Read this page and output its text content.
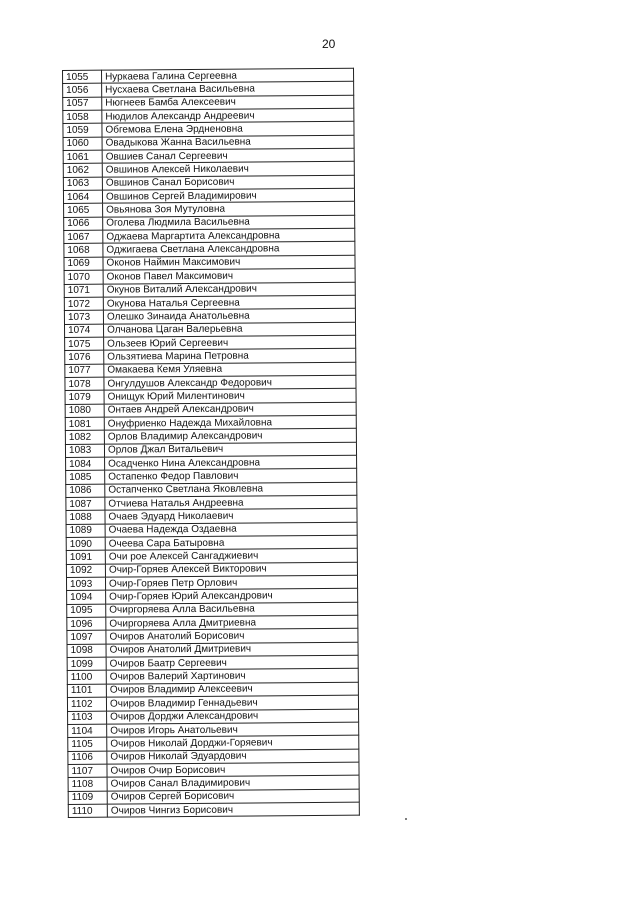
20
1055	Нуркаева Галина Сергеевна
1056	Нусхаева Светлана Васильевна
1057	Нюгнеев Бамба Алексеевич
1058	Нюдилов Александр Андреевич
1059	Обгемова Елена Эрдненовна
1060	Овадыкова Жанна Васильевна
1061	Овшиев Санал Сергеевич
1062	Овшинов Алексей Николаевич
1063	Овшинов Санал Борисович
1064	Овшинов Сергей Владимирович
1065	Овьянова Зоя Мутуловна
1066	Оголева Людмила Васильевна
1067	Оджаева Маргартита Александровна
1068	Оджигаева Светлана Александровна
1069	Оконов Наймин Максимович
1070	Оконов Павел Максимович
1071	Окунов Виталий Александрович
1072	Окунова Наталья Сергеевна
1073	Олешко Зинаида Анатольевна
1074	Олчанова Цаган Валерьевна
1075	Ользеев Юрий Сергеевич
1076	Ользятиева Марина Петровна
1077	Омакаева Кемя Уляевна
1078	Онгулдушов Александр Федорович
1079	Онищук Юрий Милентинович
1080	Онтаев Андрей Александрович
1081	Онуфриенко Надежда Михайловна
1082	Орлов Владимир Александрович
1083	Орлов Джал Витальевич
1084	Осадченко Нина Александровна
1085	Остапенко Федор Павлович
1086	Остапченко Светлана Яковлевна
1087	Отчиева Наталья Андреевна
1088	Очаев Эдуард Николаевич
1089	Очаева Надежда Оздаевна
1090	Очеева Сара Батыровна
1091	Очи рое Алексей Сангаджиевич
1092	Очир-Горяев Алексей Викторович
1093	Очир-Горяев Петр Орлович
1094	Очир-Горяев Юрий Александрович
1095	Очиргоряева Алла Васильевна
1096	Очиргоряева Алла Дмитриевна
1097	Очиров Анатолий Борисович
1098	Очиров Анатолий Дмитриевич
1099	Очиров Баатр Сергеевич
1100	Очиров Валерий Хартинович
1101	Очиров Владимир Алексеевич
1102	Очиров Владимир Геннадьевич
1103	Очиров Дорджи Александрович
1104	Очиров Игорь Анатольевич
1105	Очиров Николай Дорджи-Горяевич
1106	Очиров Николай Эдуардович
1107	Очиров Очир Борисович
1108	Очиров Санал Владимирович
1109	Очиров Сергей Борисович
1110	Очиров Чингиз Борисович
